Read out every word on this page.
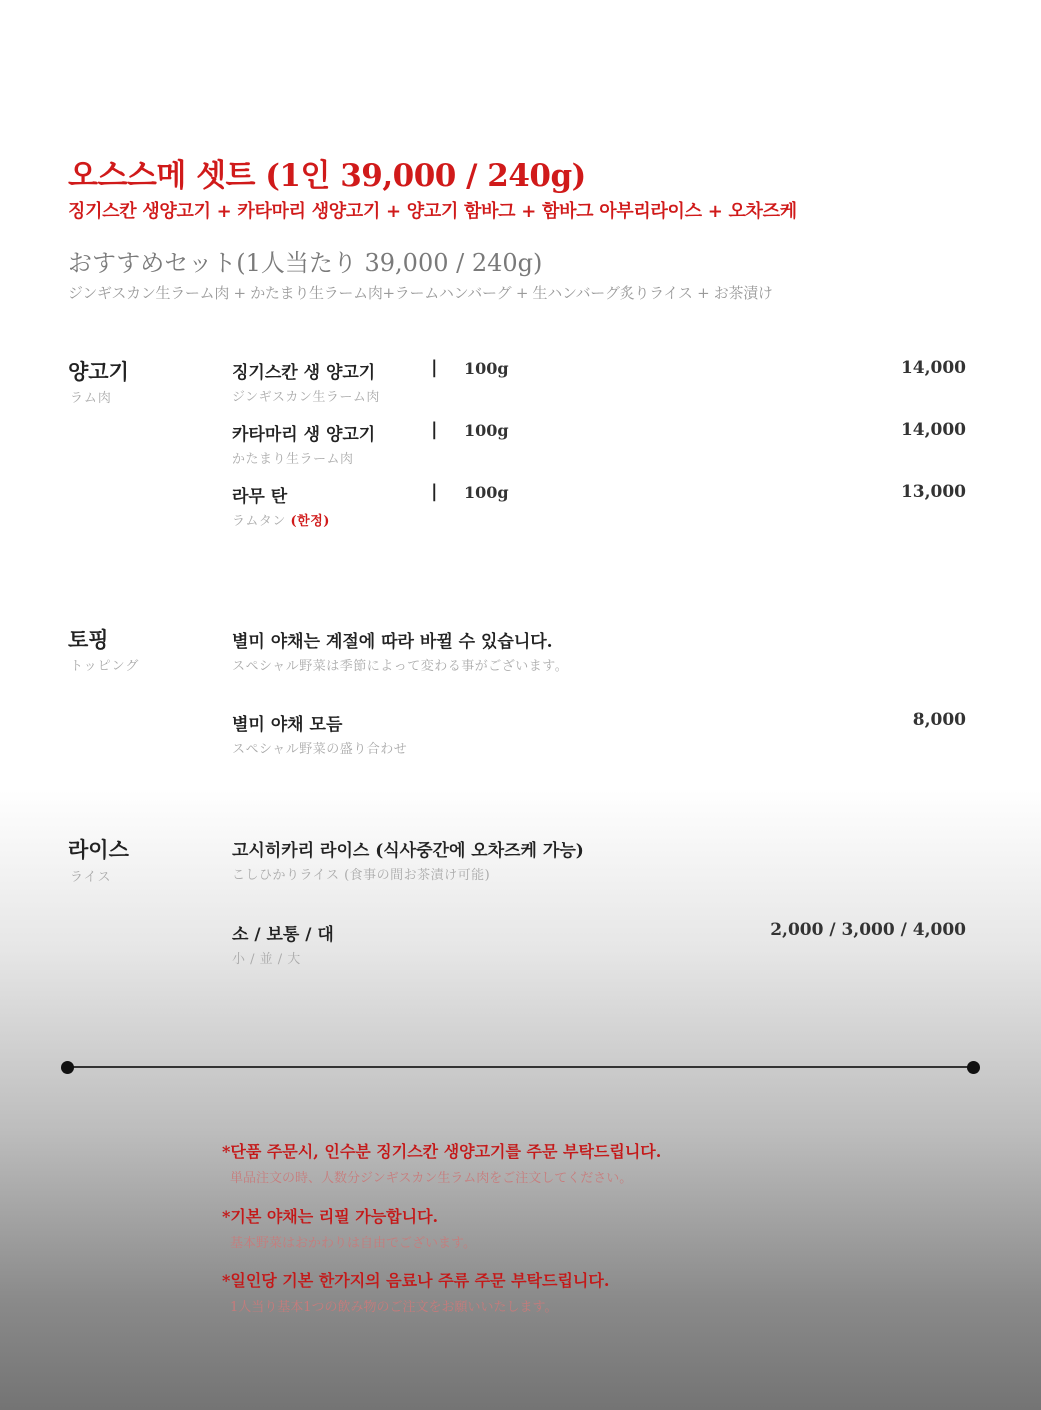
오스스메 셋트 (1인 39,000 / 240g)
징기스칸 생양고기 + 카타마리 생양고기 + 양고기 함바그 + 함바그 아부리라이스 + 오차즈케
おすすめセット(1人当たり 39,000 / 240g)
ジンギスカン生ラーム肉 + かたまり生ラーム肉+ラームハンバーグ + 生ハンバーグ炙りライス + お茶漬け
양고기
ラム肉
징기스칸 생 양고기
ジンギスカン生ラーム肉
| 100g	14,000
카타마리 생 양고기
かたまり生ラーム肉
| 100g	14,000
라무 탄
ラムタン (한정)
| 100g	13,000
토핑
トッピング
별미 야채는 계절에 따라 바뀔 수 있습니다.
スペシャル野菜は季節によって変わる事がございます。
별미 야채 모듬
スペシャル野菜の盛り合わせ
8,000
라이스
ライス
고시히카리 라이스 (식사중간에 오차즈케 가능)
こしひかりライス (食事の間お茶漬け可能)
소 / 보통 / 대
小 / 並 / 大
2,000 / 3,000 / 4,000
*단품 주문시, 인수분 징기스칸 생양고기를 주문 부탁드립니다.
単品注文の時、人数分ジンギスカン生ラム肉をご注文してください。
*기본 야채는 리필 가능합니다.
基本野菜はおかわりは自由でございます。
*일인당 기본 한가지의 음료나 주류 주문 부탁드립니다.
1人当り基本1つの飲み物のご注文をお願いいたします。
